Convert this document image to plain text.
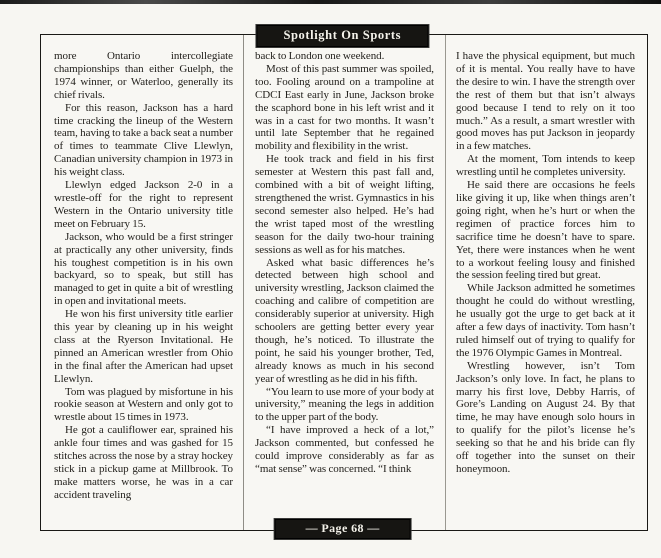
Spotlight On Sports

more Ontario intercollegiate championships than either Guelph, the 1974 winner, or Waterloo, generally its chief rivals.

For this reason, Jackson has a hard time cracking the lineup of the Western team, having to take a back seat a number of times to teammate Clive Llewlyn, Canadian university champion in 1973 in his weight class.

Llewlyn edged Jackson 2-0 in a wrestle-off for the right to represent Western in the Ontario university title meet on February 15.

Jackson, who would be a first stringer at practically any other university, finds his toughest competition is in his own backyard, so to speak, but still has managed to get in quite a bit of wrestling in open and invitational meets.

He won his first university title earlier this year by cleaning up in his weight class at the Ryerson Invitational. He pinned an American wrestler from Ohio in the final after the American had upset Llewlyn.

Tom was plagued by misfortune in his rookie season at Western and only got to wrestle about 15 times in 1973.

He got a cauliflower ear, sprained his ankle four times and was gashed for 15 stitches across the nose by a stray hockey stick in a pickup game at Millbrook. To make matters worse, he was in a car accident traveling

back to London one weekend.

Most of this past summer was spoiled, too. Fooling around on a trampoline at CDCI East early in June, Jackson broke the scaphord bone in his left wrist and it was in a cast for two months. It wasn’t until late September that he regained mobility and flexibility in the wrist.

He took track and field in his first semester at Western this past fall and, combined with a bit of weight lifting, strengthened the wrist. Gymnastics in his second semester also helped. He’s had the wrist taped most of the wrestling season for the daily two-hour training sessions as well as for his matches.

Asked what basic differences he’s detected between high school and university wrestling, Jackson claimed the coaching and calibre of competition are considerably superior at university. High schoolers are getting better every year though, he’s noticed. To illustrate the point, he said his younger brother, Ted, already knows as much in his second year of wrestling as he did in his fifth.

“You learn to use more of your body at university,” meaning the legs in addition to the upper part of the body.

“I have improved a heck of a lot,” Jackson commented, but confessed he could improve considerably as far as “mat sense” was concerned. “I think

I have the physical equipment, but much of it is mental. You really have to have the desire to win. I have the strength over the rest of them but that isn’t always good because I tend to rely on it too much.” As a result, a smart wrestler with good moves has put Jackson in jeopardy in a few matches.

At the moment, Tom intends to keep wrestling until he completes university.

He said there are occasions he feels like giving it up, like when things aren’t going right, when he’s hurt or when the regimen of practice forces him to sacrifice time he doesn’t have to spare. Yet, there were instances when he went to a workout feeling lousy and finished the session feeling tired but great.

While Jackson admitted he sometimes thought he could do without wrestling, he usually got the urge to get back at it after a few days of inactivity. Tom hasn’t ruled himself out of trying to qualify for the 1976 Olympic Games in Montreal.

Wrestling however, isn’t Tom Jackson’s only love. In fact, he plans to marry his first love, Debby Harris, of Gore’s Landing on August 24. By that time, he may have enough solo hours in to qualify for the pilot’s license he’s seeking so that he and his bride can fly off together into the sunset on their honeymoon.

— Page 68 —
